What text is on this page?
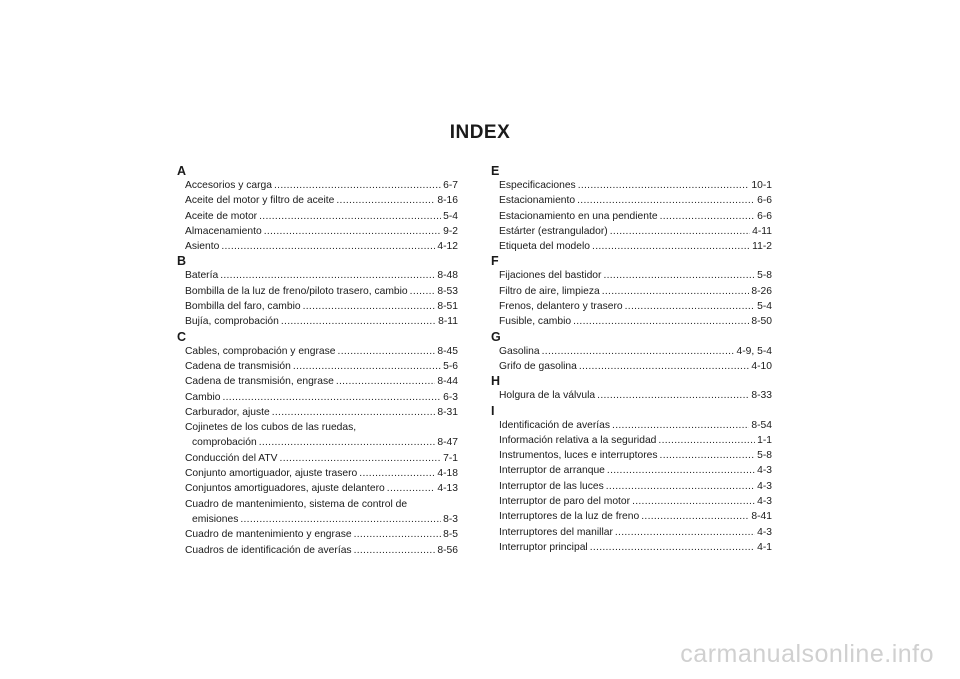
INDEX
A
Accesorios y carga .....	6-7
Aceite del motor y filtro de aceite .....	8-16
Aceite de motor .....	5-4
Almacenamiento .....	9-2
Asiento .....	4-12
B
Batería .....	8-48
Bombilla de la luz de freno/piloto trasero, cambio .....	8-53
Bombilla del faro, cambio .....	8-51
Bujía, comprobación .....	8-11
C
Cables, comprobación y engrase .....	8-45
Cadena de transmisión .....	5-6
Cadena de transmisión, engrase .....	8-44
Cambio .....	6-3
Carburador, ajuste .....	8-31
Cojinetes de los cubos de las ruedas,
comprobación .....	8-47
Conducción del ATV .....	7-1
Conjunto amortiguador, ajuste trasero .....	4-18
Conjuntos amortiguadores, ajuste delantero .....	4-13
Cuadro de mantenimiento, sistema de control de
emisiones .....	8-3
Cuadro de mantenimiento y engrase .....	8-5
Cuadros de identificación de averías .....	8-56
E
Especificaciones .....	10-1
Estacionamiento .....	6-6
Estacionamiento en una pendiente .....	6-6
Estárter (estrangulador) .....	4-11
Etiqueta del modelo .....	11-2
F
Fijaciones del bastidor .....	5-8
Filtro de aire, limpieza .....	8-26
Frenos, delantero y trasero .....	5-4
Fusible, cambio .....	8-50
G
Gasolina .....	4-9, 5-4
Grifo de gasolina .....	4-10
H
Holgura de la válvula .....	8-33
I
Identificación de averías .....	8-54
Información relativa a la seguridad .....	1-1
Instrumentos, luces e interruptores .....	5-8
Interruptor de arranque .....	4-3
Interruptor de las luces .....	4-3
Interruptor de paro del motor .....	4-3
Interruptores de la luz de freno .....	8-41
Interruptores del manillar .....	4-3
Interruptor principal .....	4-1
carmanualsonline.info
